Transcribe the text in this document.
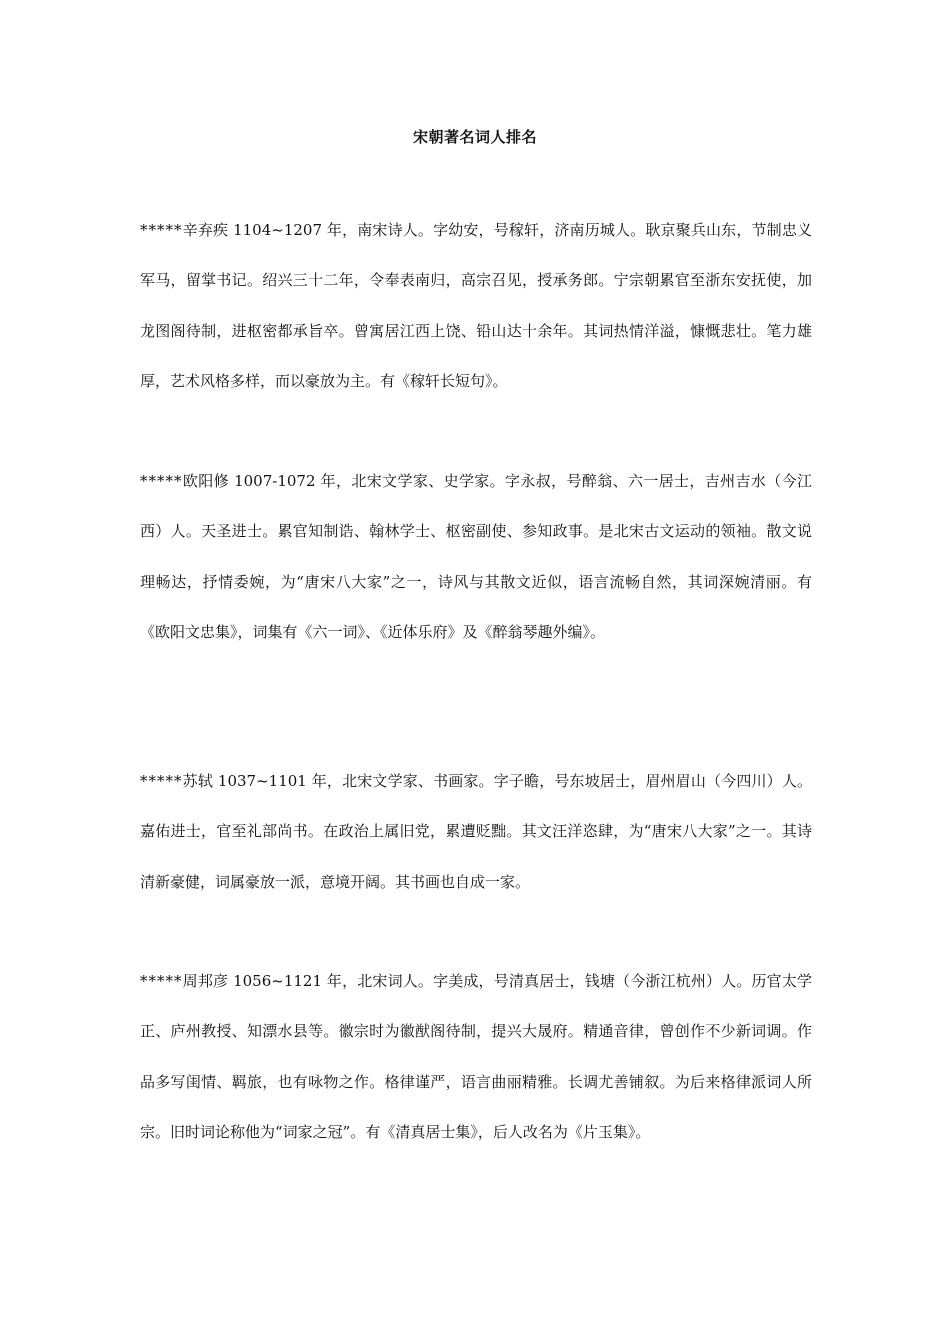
宋朝著名词人排名
*****辛弃疾 1104~1207 年，南宋诗人。字幼安，号稼轩，济南历城人。耿京聚兵山东，节制忠义军马，留掌书记。绍兴三十二年，令奉表南归，高宗召见，授承务郎。宁宗朝累官至浙东安抚使，加龙图阁待制，进枢密都承旨卒。曾寓居江西上饶、铅山达十余年。其词热情洋溢，慷慨悲壮。笔力雄厚，艺术风格多样，而以豪放为主。有《稼轩长短句》。
*****欧阳修 1007-1072 年，北宋文学家、史学家。字永叔，号醉翁、六一居士，吉州吉水（今江西）人。天圣进士。累官知制诰、翰林学士、枢密副使、参知政事。是北宋古文运动的领袖。散文说理畅达，抒情委婉，为“唐宋八大家”之一，诗风与其散文近似，语言流畅自然，其词深婉清丽。有《欧阳文忠集》，词集有《六一词》、《近体乐府》及《醉翁琴趣外编》。
*****苏轼 1037~1101 年，北宋文学家、书画家。字子瞻，号东坡居士，眉州眉山（今四川）人。嘉佑进士，官至礼部尚书。在政治上属旧党，累遭贬黜。其文汪洋恣肆，为“唐宋八大家”之一。其诗清新豪健，词属豪放一派，意境开阔。其书画也自成一家。
*****周邦彦 1056~1121 年，北宋词人。字美成，号清真居士，钱塘（今浙江杭州）人。历官太学正、庐州教授、知漂水县等。徽宗时为徽猷阁待制，提兴大晟府。精通音律，曾创作不少新词调。作品多写闺情、羁旅，也有咏物之作。格律谨严，语言曲丽精雅。长调尤善铺叙。为后来格律派词人所宗。旧时词论称他为“词家之冠”。有《清真居士集》，后人改名为《片玉集》。
